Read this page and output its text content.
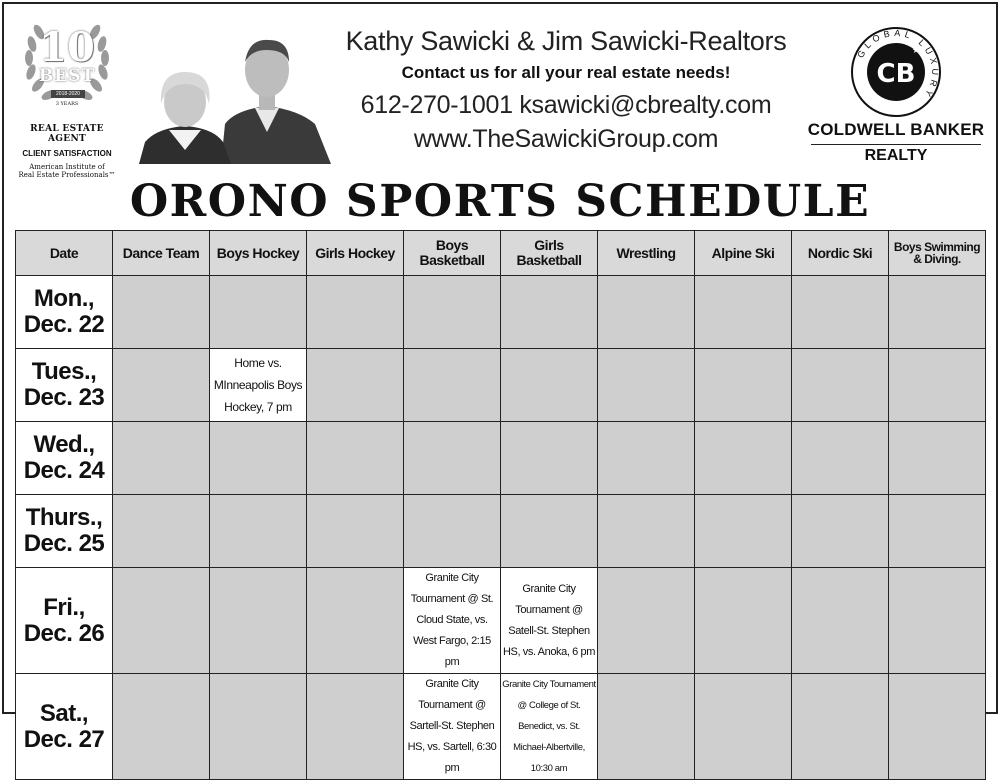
10
BEST
2018-2020
3 YEARS
REAL ESTATE AGENT
CLIENT SATISFACTION
American Institute of
Real Estate Professionals™
Kathy Sawicki & Jim Sawicki-Realtors
Contact us for all your real estate needs!
612-270-1001 ksawicki@cbrealty.com
www.TheSawickiGroup.com
GLOBAL LUXURY
CB
★
COLDWELL BANKER
REALTY
ORONO SPORTS SCHEDULE
Date	Dance Team	Boys Hockey	Girls Hockey	Boys Basketball	Girls Basketball	Wrestling	Alpine Ski	Nordic Ski	Boys Swimming & Diving.

Mon.,
Dec. 22									

Tues.,
Dec. 23		Home vs. MInneapolis Boys Hockey, 7 pm							

Wed.,
Dec. 24									

Thurs.,
Dec. 25									

Fri.,
Dec. 26				Granite City Tournament @ St. Cloud State, vs. West Fargo, 2:15 pm	Granite City Tournament @ Satell-St. Stephen HS, vs. Anoka, 6 pm				

Sat.,
Dec. 27				Granite City Tournament @ Sartell-St. Stephen HS, vs. Sartell, 6:30 pm	Granite City Tournament @ College of St. Benedict, vs. St. Michael-Albertville, 10:30 am				
